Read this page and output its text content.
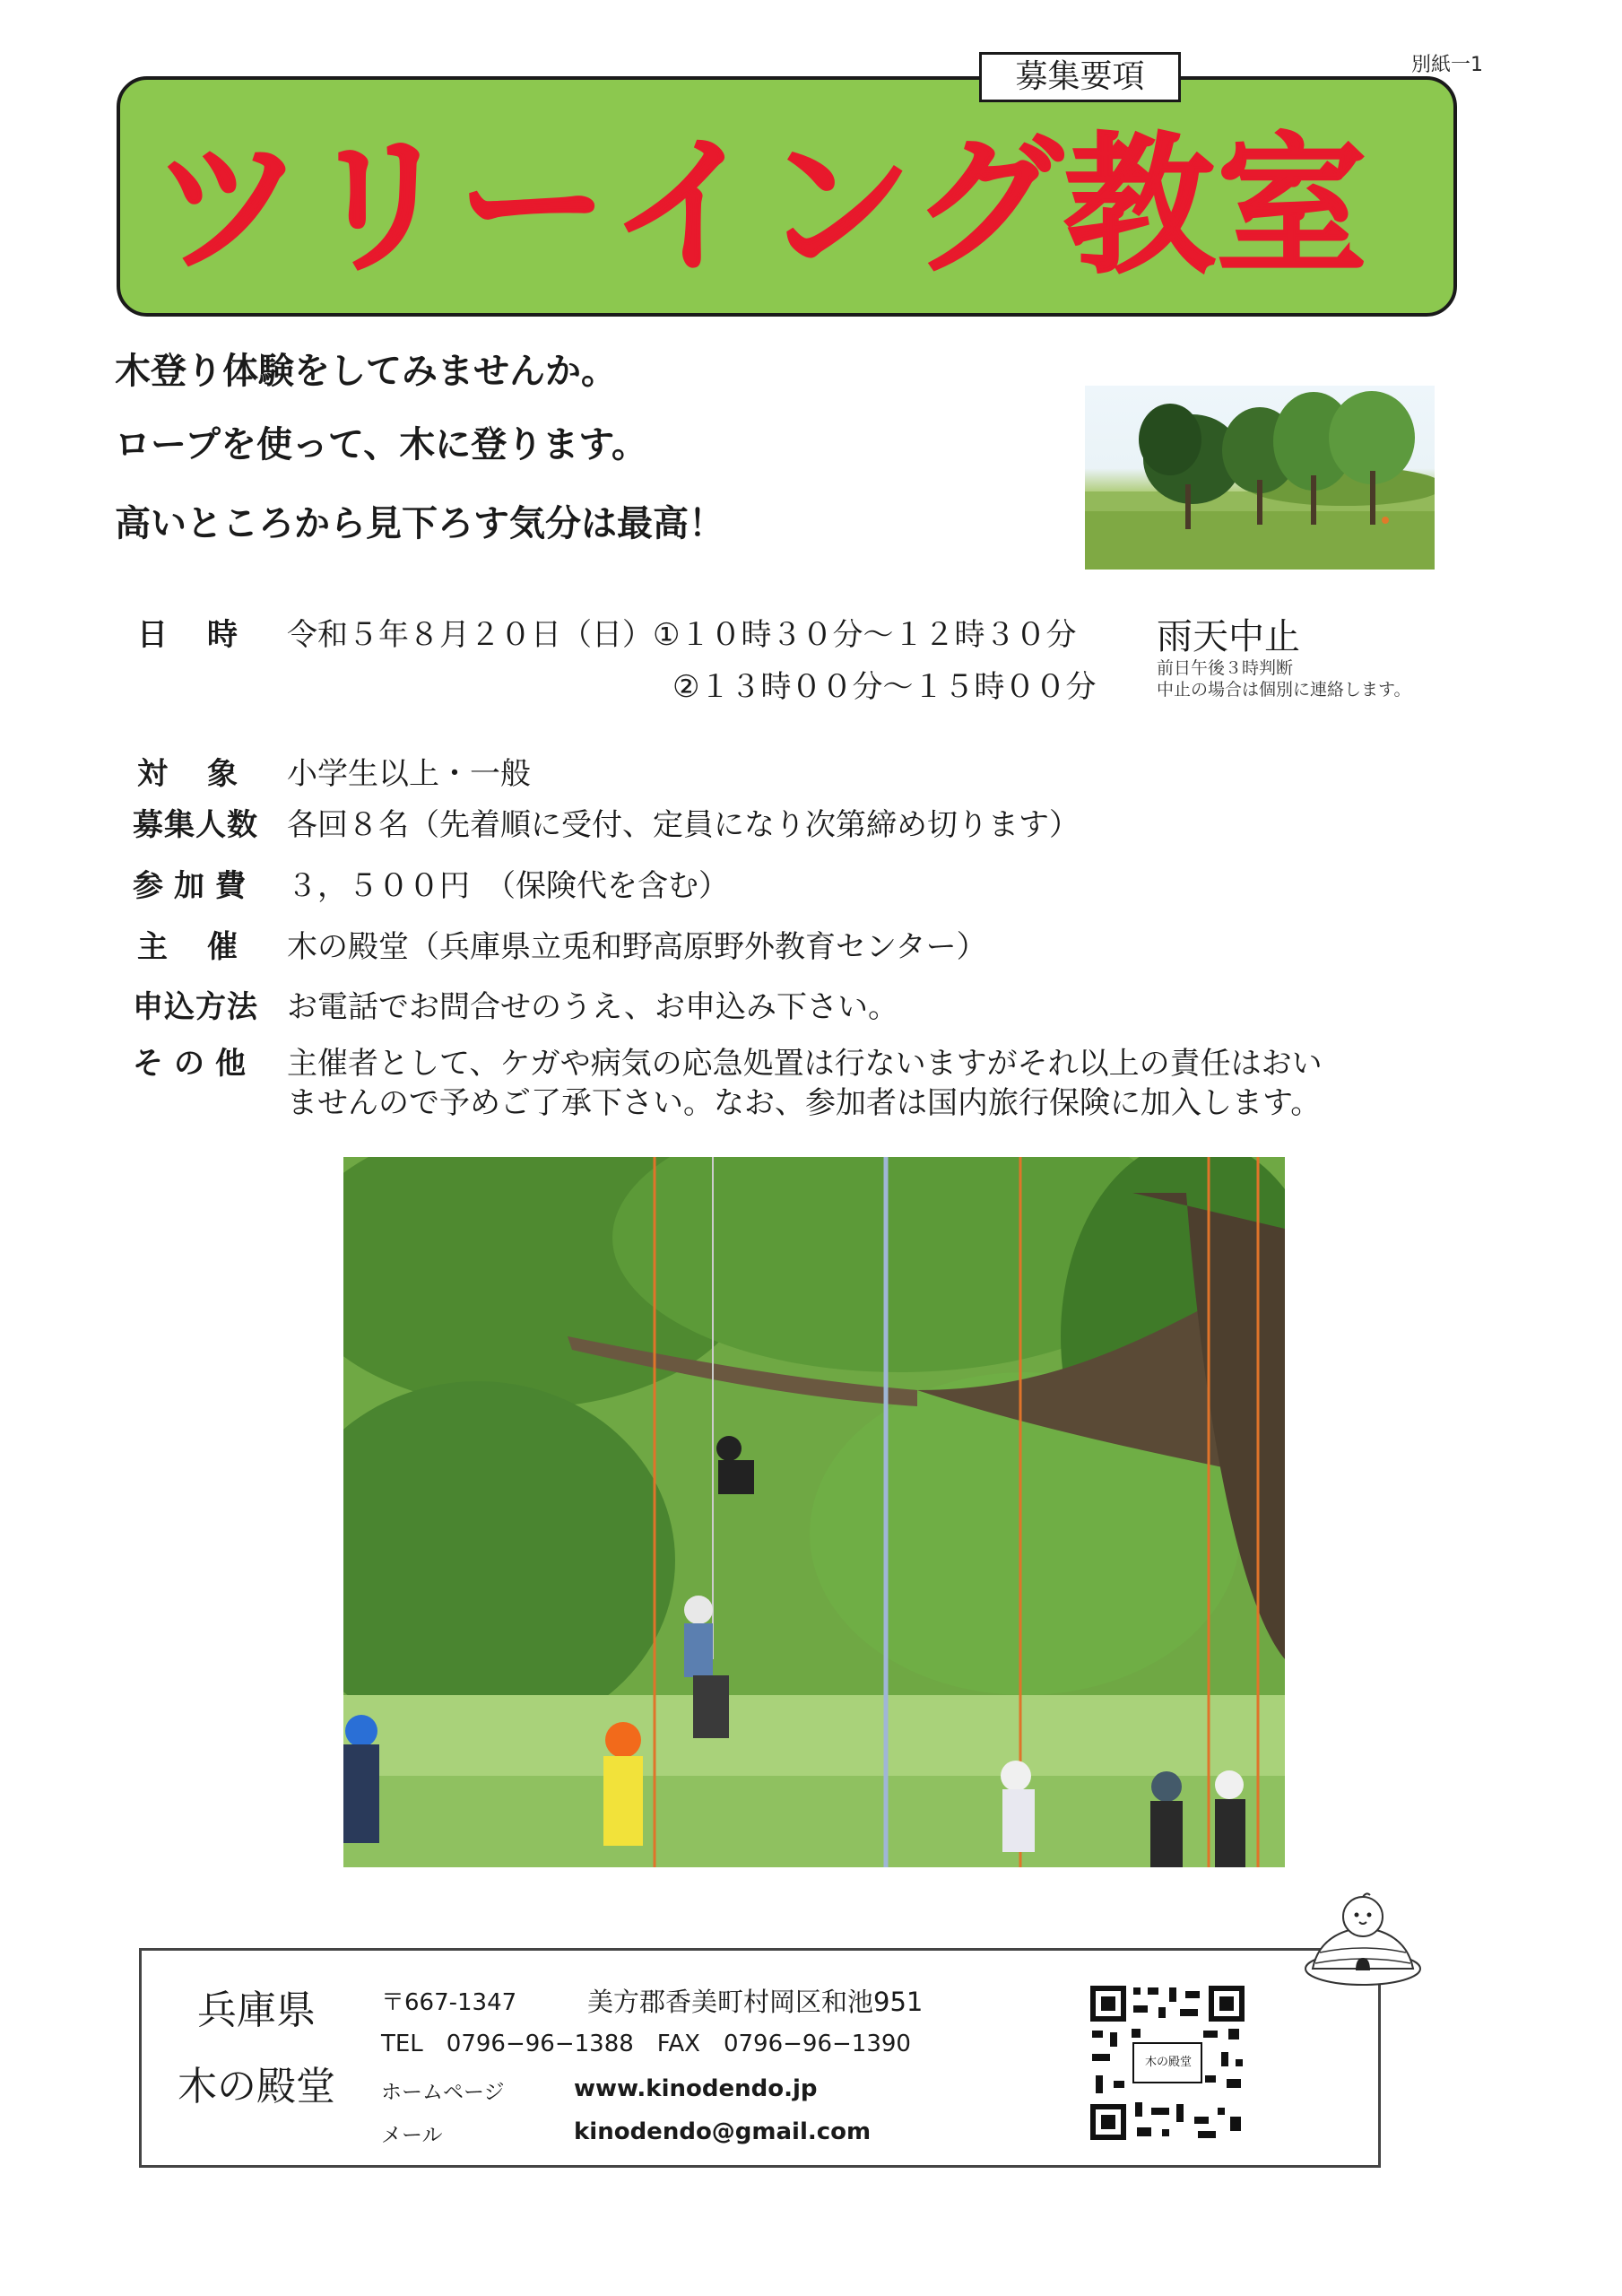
別紙一1
募集要項
ツリーイング教室
木登り体験をしてみませんか。
ロープを使って、木に登ります。
高いところから見下ろす気分は最高！
日時 令和５年８月２０日（日）①１０時３０分～１２時３０分
②１３時００分～１５時００分
雨天中止
前日午後３時判断
中止の場合は個別に連絡します。
対象 小学生以上・一般
募集人数 各回８名（先着順に受付、定員になり次第締め切ります）
参加費 ３，５００円　（保険代を含む）
主催 木の殿堂（兵庫県立兎和野高原野外教育センター）
申込方法 お電話でお問合せのうえ、お申込み下さい。
その他 主催者として、ケガや病気の応急処置は行ないますがそれ以上の責任はおい
ませんので予めご了承下さい。なお、参加者は国内旅行保険に加入します。
兵庫県
木の殿堂
〒667-1347	美方郡香美町村岡区和池951
TEL　0796−96−1388　FAX　0796−96−1390
ホームページ	www.kinodendo.jp
メール	kinodendo@gmail.com
木の殿堂
